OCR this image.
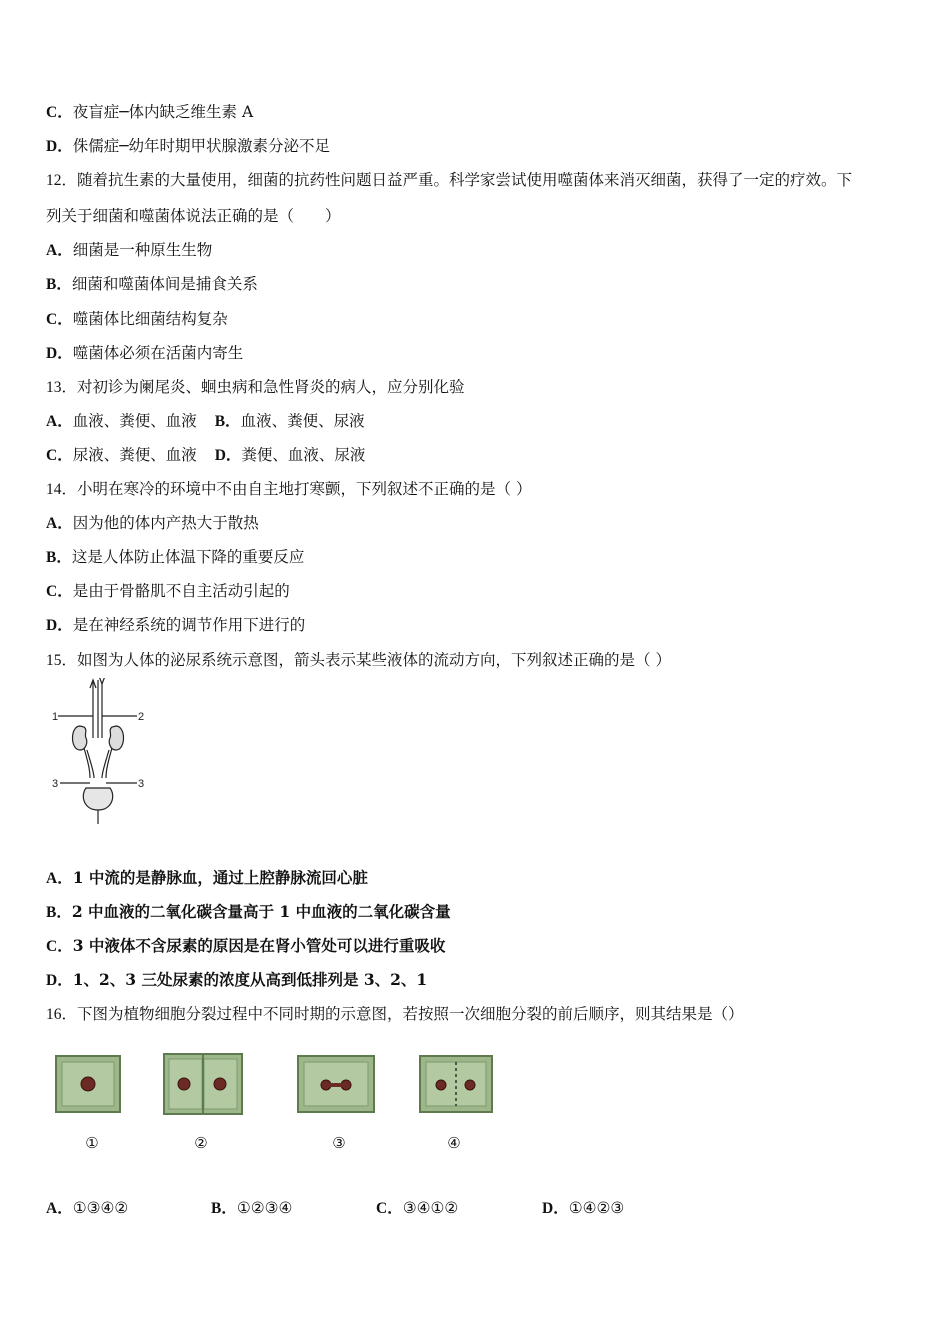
C．夜盲症─体内缺乏维生素 A
D．侏儒症─幼年时期甲状腺激素分泌不足
12．随着抗生素的大量使用，细菌的抗药性问题日益严重。科学家尝试使用噬菌体来消灭细菌，获得了一定的疗效。下
列关于细菌和噬菌体说法正确的是（　　）
A．细菌是一种原生生物
B．细菌和噬菌体间是捕食关系
C．噬菌体比细菌结构复杂
D．噬菌体必须在活菌内寄生
13．对初诊为阑尾炎、蛔虫病和急性肾炎的病人，应分别化验
A．血液、粪便、血液 B．血液、粪便、尿液
C．尿液、粪便、血液 D．粪便、血液、尿液
14．小明在寒冷的环境中不由自主地打寒颤，下列叙述不正确的是（ ）
A．因为他的体内产热大于散热
B．这是人体防止体温下降的重要反应
C．是由于骨骼肌不自主活动引起的
D．是在神经系统的调节作用下进行的
15．如图为人体的泌尿系统示意图，箭头表示某些液体的流动方向，下列叙述正确的是（ ）
1	2
3	3
A．1 中流的是静脉血，通过上腔静脉流回心脏
B．2 中血液的二氧化碳含量高于 1 中血液的二氧化碳含量
C．3 中液体不含尿素的原因是在肾小管处可以进行重吸收
D．1、2、3 三处尿素的浓度从高到低排列是 3、2、1
16．下图为植物细胞分裂过程中不同时期的示意图，若按照一次细胞分裂的前后顺序，则其结果是（）
①	②	③	④
A．①③④②	B．①②③④	C．③④①②	D．①④②③
